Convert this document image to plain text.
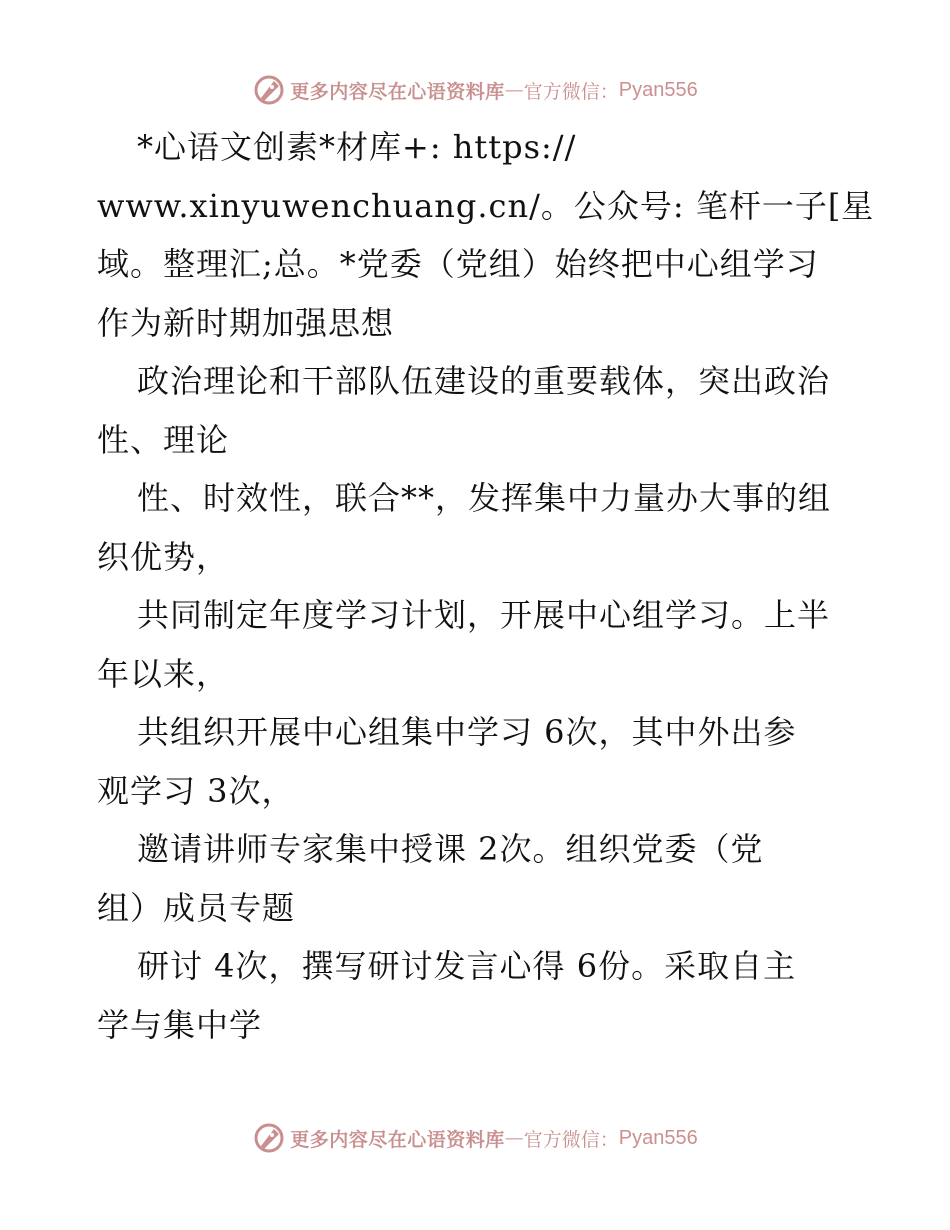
更多内容尽在心语资料库 — 官方微信： Pyan556
*心语文创素*材库+: https://
www.xinyuwenchuang.cn/。公众号: 笔杆一子[星
域。整理汇;总。*党委（党组）始终把中心组学习
作为新时期加强思想
政治理论和干部队伍建设的重要载体，突出政治
性、理论
性、时效性，联合**，发挥集中力量办大事的组
织优势，
共同制定年度学习计划，开展中心组学习。上半
年以来，
共组织开展中心组集中学习 6次，其中外出参
观学习 3次，
邀请讲师专家集中授课 2次。组织党委（党
组）成员专题
研讨 4次，撰写研讨发言心得 6份。采取自主
学与集中学
更多内容尽在心语资料库 — 官方微信： Pyan556
